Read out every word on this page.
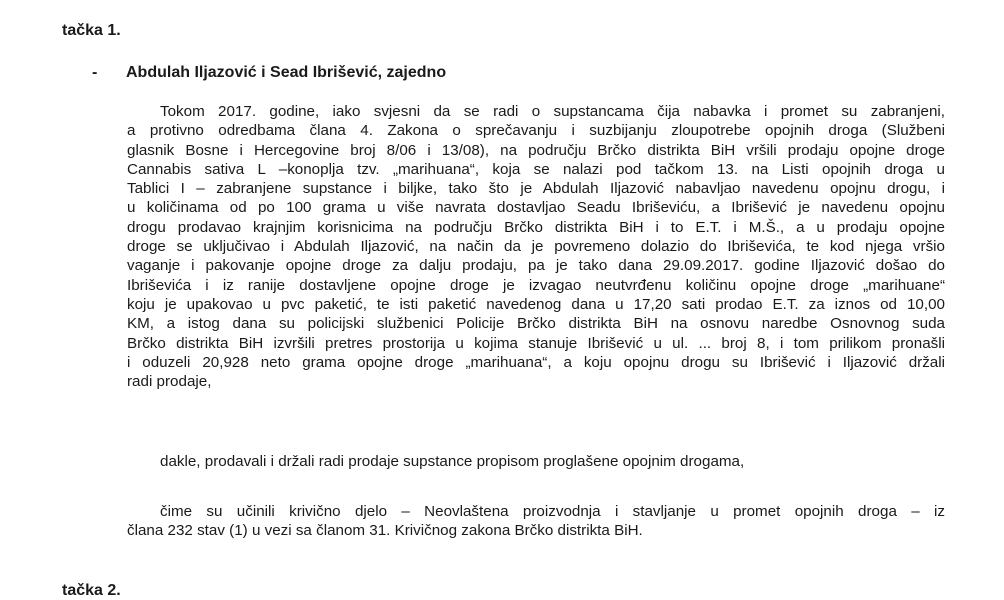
tačka 1.
- Abdulah Iljazović i Sead Ibrišević, zajedno
Tokom 2017. godine, iako svjesni da se radi o supstancama čija nabavka i promet su zabranjeni,
a protivno odredbama člana 4. Zakona o sprečavanju i suzbijanju zloupotrebe opojnih droga (Službeni
glasnik Bosne i Hercegovine broj 8/06 i 13/08), na području Brčko distrikta BiH vršili prodaju opojne droge
Cannabis sativa L –konoplja tzv. „marihuana“, koja se nalazi pod tačkom 13. na Listi opojnih droga u
Tablici I – zabranjene supstance i biljke, tako što je Abdulah Iljazović nabavljao navedenu opojnu drogu, i
u količinama od po 100 grama u više navrata dostavljao Seadu Ibriševiću, a Ibrišević je navedenu opojnu
drogu prodavao krajnjim korisnicima na području Brčko distrikta BiH i to E.T. i M.Š., a u prodaju opojne
droge se uključivao i Abdulah Iljazović, na način da je povremeno dolazio do Ibriševića, te kod njega vršio
vaganje i pakovanje opojne droge za dalju prodaju, pa je tako dana 29.09.2017. godine Iljazović došao do
Ibriševića i iz ranije dostavljene opojne droge je izvagao neutvrđenu količinu opojne droge „marihuane“
koju je upakovao u pvc paketić, te isti paketić navedenog dana u 17,20 sati prodao E.T. za iznos od 10,00
KM, a istog dana su policijski službenici Policije Brčko distrikta BiH na osnovu naredbe Osnovnog suda
Brčko distrikta BiH izvršili pretres prostorija u kojima stanuje Ibrišević u ul. ... broj 8, i tom prilikom pronašli
i oduzeli 20,928 neto grama opojne droge „marihuana“, a koju opojnu drogu su Ibrišević i Iljazović držali
radi prodaje,
dakle, prodavali i držali radi prodaje supstance propisom proglašene opojnim drogama,
čime su učinili krivično djelo – Neovlaštena proizvodnja i stavljanje u promet opojnih droga – iz
člana 232 stav (1) u vezi sa članom 31. Krivičnog zakona Brčko distrikta BiH.
tačka 2.
